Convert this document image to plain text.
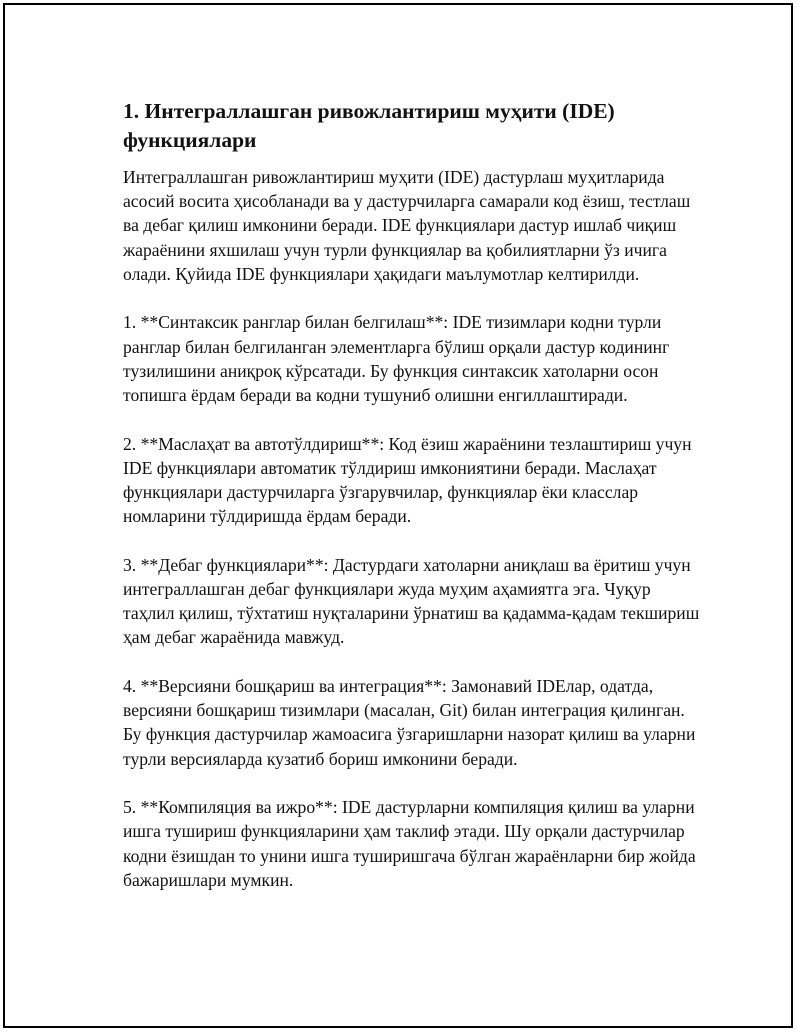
1. Интеграллашган ривожлантириш муҳити (IDE) функциялари

Интеграллашган ривожлантириш муҳити (IDE) дастурлаш муҳитларида асосий восита ҳисобланади ва у дастурчиларга самарали код ёзиш, тестлаш ва дебаг қилиш имконини беради. IDE функциялари дастур ишлаб чиқиш жараёнини яхшилаш учун турли функциялар ва қобилиятларни ўз ичига олади. Қуйида IDE функциялари ҳақидаги маълумотлар келтирилди.

1. **Синтаксик ранглар билан белгилаш**: IDE тизимлари кодни турли ранглар билан белгиланган элементларга бўлиш орқали дастур кодининг тузилишини аниқроқ кўрсатади. Бу функция синтаксик хатоларни осон топишга ёрдам беради ва кодни тушуниб олишни енгиллаштиради.

2. **Маслаҳат ва автотўлдириш**: Код ёзиш жараёнини тезлаштириш учун IDE функциялари автоматик тўлдириш имкониятини беради. Маслаҳат функциялари дастурчиларга ўзгарувчилар, функциялар ёки класслар номларини тўлдиришда ёрдам беради.

3. **Дебаг функциялари**: Дастурдаги хатоларни аниқлаш ва ёритиш учун интеграллашган дебаг функциялари жуда муҳим аҳамиятга эга. Чуқур таҳлил қилиш, тўхтатиш нуқталарини ўрнатиш ва қадамма-қадам текшириш ҳам дебаг жараёнида мавжуд.

4. **Версияни бошқариш ва интеграция**: Замонавий IDEлар, одатда, версияни бошқариш тизимлари (масалан, Git) билан интеграция қилинган. Бу функция дастурчилар жамоасига ўзгаришларни назорат қилиш ва уларни турли версияларда кузатиб бориш имконини беради.

5. **Компиляция ва ижро**: IDE дастурларни компиляция қилиш ва уларни ишга тушириш функцияларини ҳам таклиф этади. Шу орқали дастурчилар кодни ёзишдан то унини ишга туширишгача бўлган жараёнларни бир жойда бажаришлари мумкин.
